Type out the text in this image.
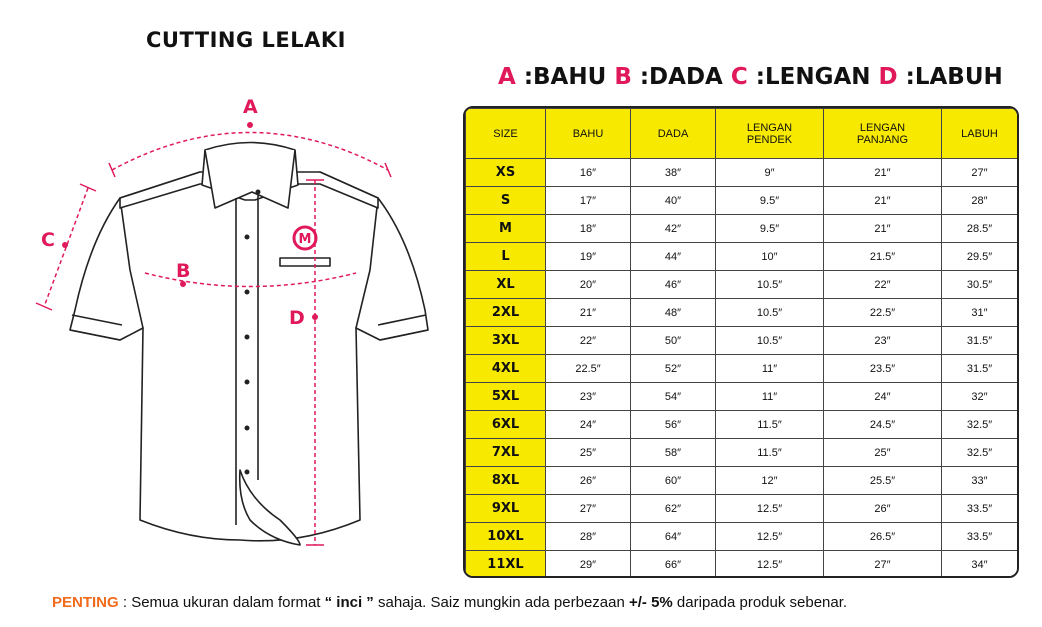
CUTTING LELAKI
A :BAHU B :DADA C :LENGAN D :LABUH
M
A
B
C
D
SIZE	BAHU	DADA	LENGAN PENDEK	LENGAN PANJANG	LABUH
XS	16″	38″	9″	21″	27″
S	17″	40″	9.5″	21″	28″
M	18″	42″	9.5″	21″	28.5″
L	19″	44″	10″	21.5″	29.5″
XL	20″	46″	10.5″	22″	30.5″
2XL	21″	48″	10.5″	22.5″	31″
3XL	22″	50″	10.5″	23″	31.5″
4XL	22.5″	52″	11″	23.5″	31.5″
5XL	23″	54″	11″	24″	32″
6XL	24″	56″	11.5″	24.5″	32.5″
7XL	25″	58″	11.5″	25″	32.5″
8XL	26″	60″	12″	25.5″	33″
9XL	27″	62″	12.5″	26″	33.5″
10XL	28″	64″	12.5″	26.5″	33.5″
11XL	29″	66″	12.5″	27″	34″
PENTING : Semua ukuran dalam format “ inci ” sahaja. Saiz mungkin ada perbezaan +/- 5% daripada produk sebenar.
